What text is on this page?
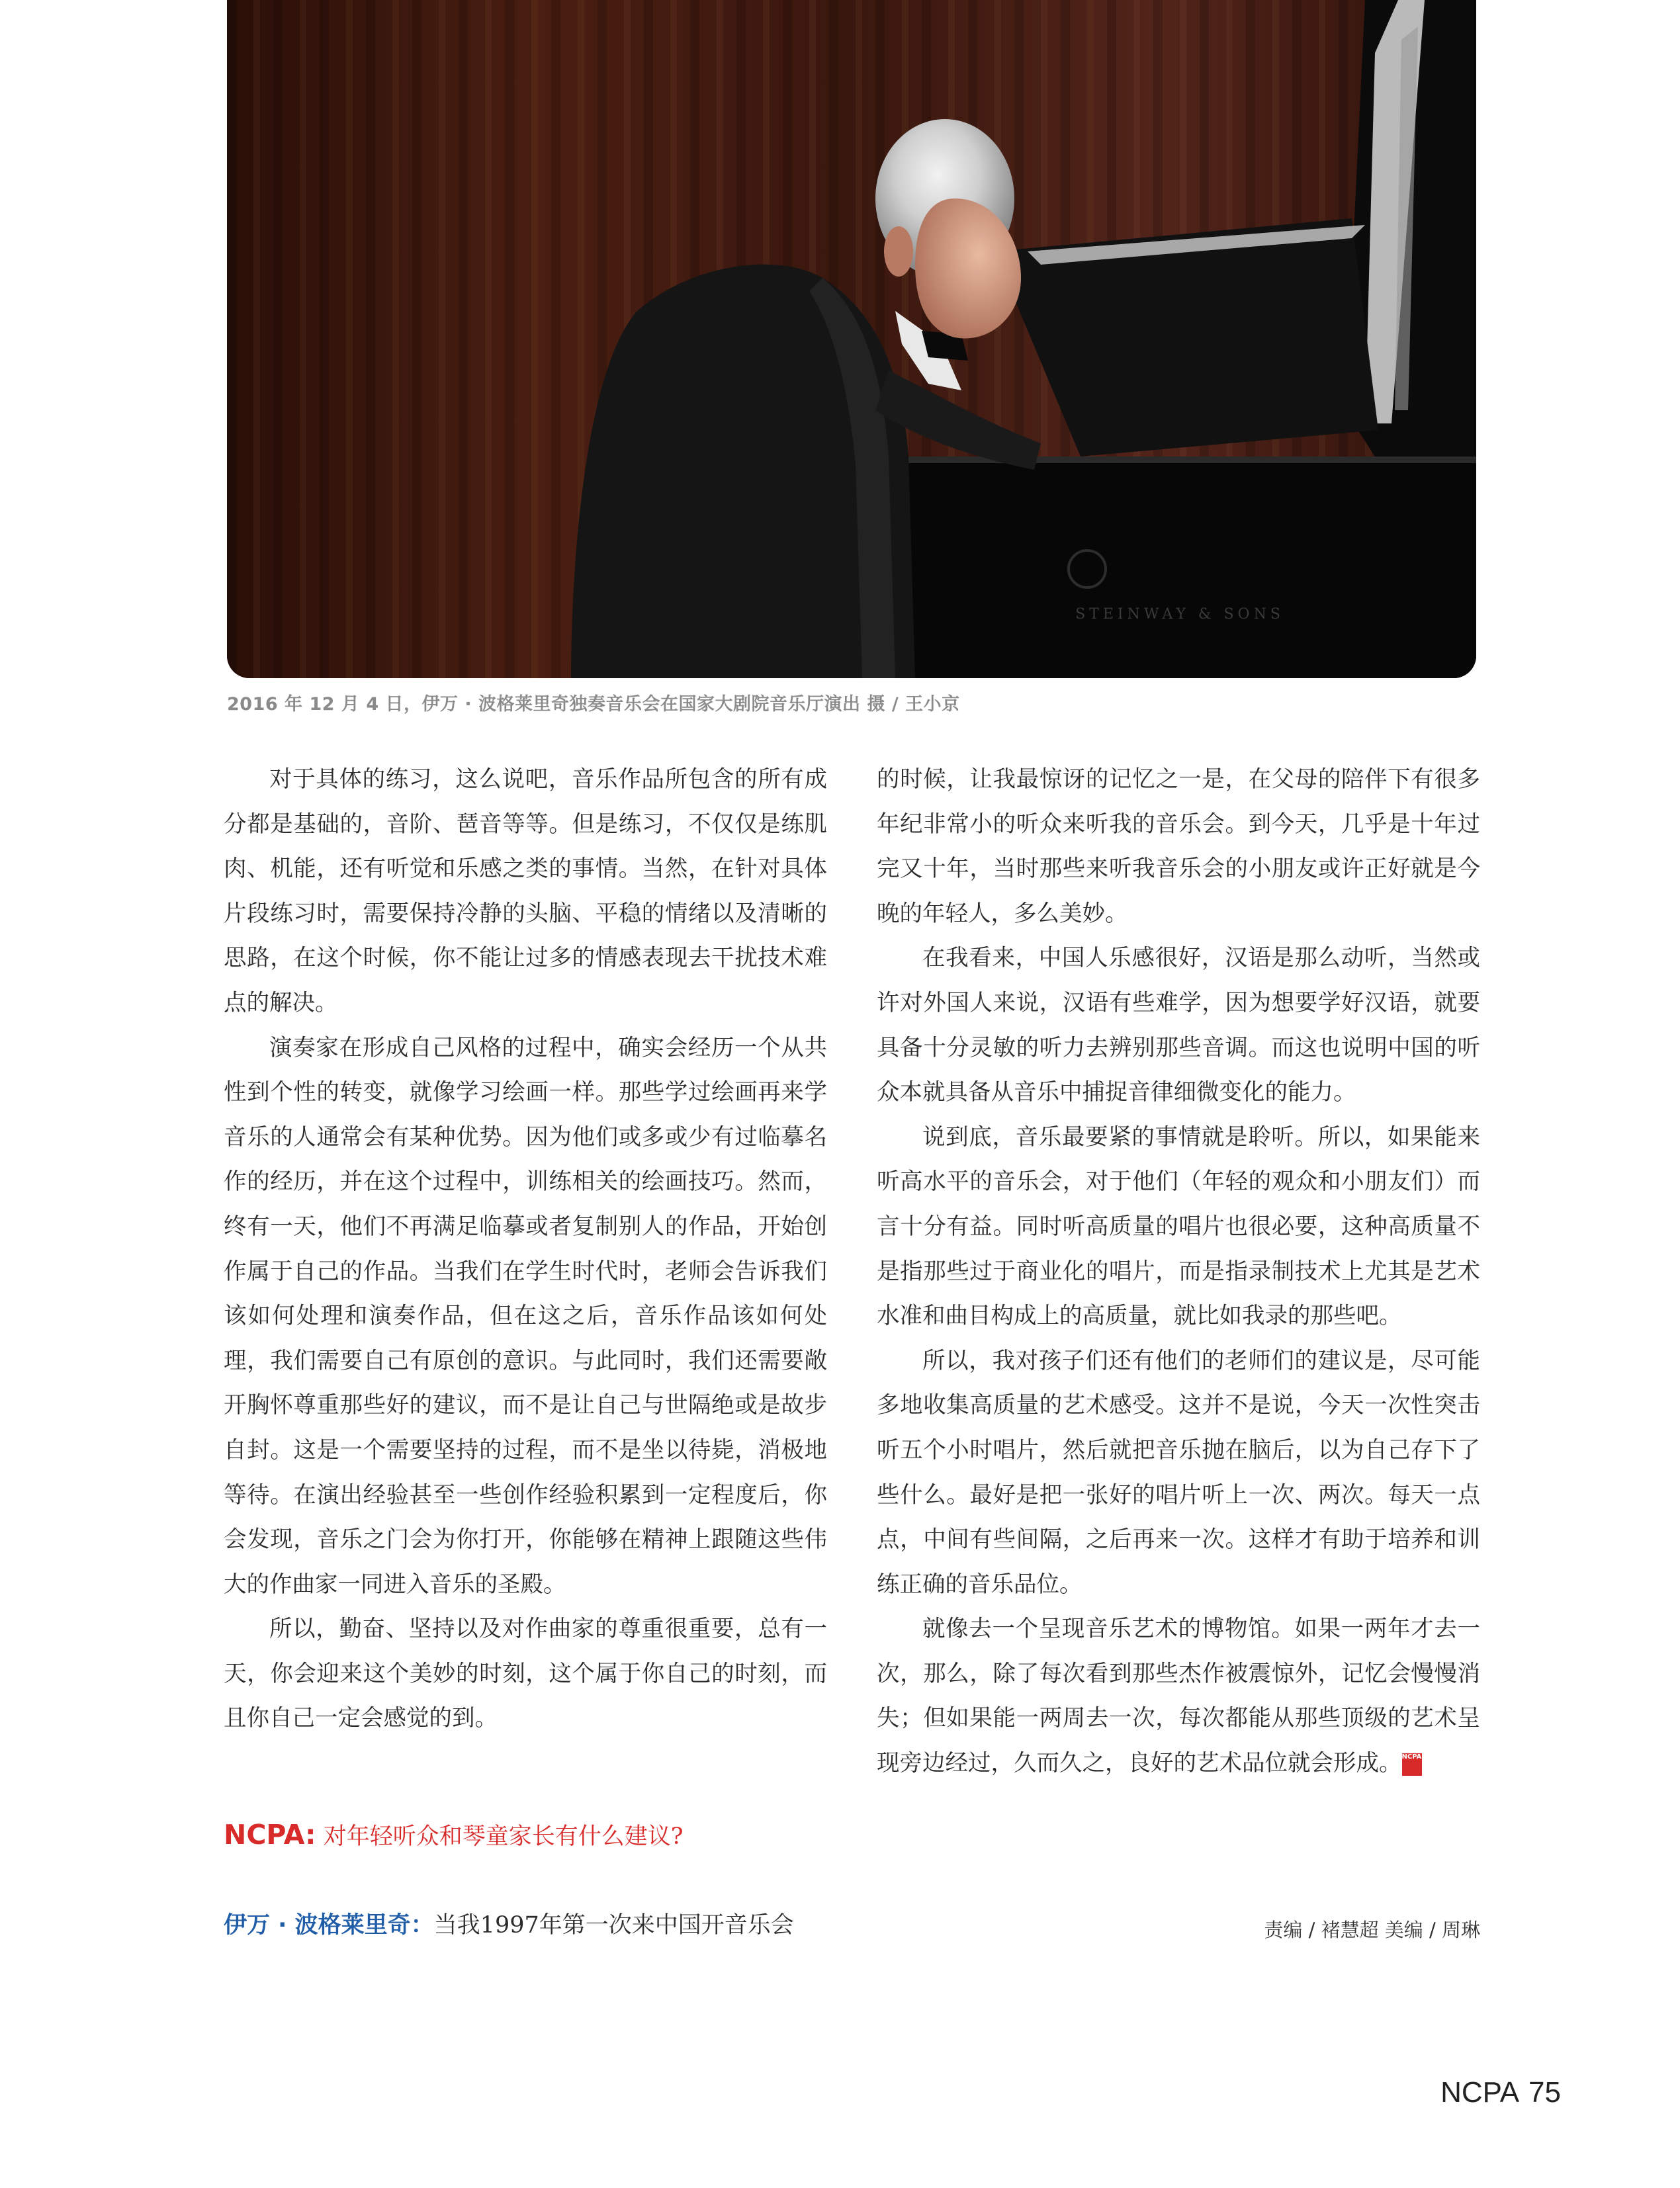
STEINWAY & SONS
2016 年 12 月 4 日，伊万 · 波格莱里奇独奏音乐会在国家大剧院音乐厅演出 摄 / 王小京

对于具体的练习，这么说吧，音乐作品所包含的所有成分都是基础的，音阶、琶音等等。但是练习，不仅仅是练肌肉、机能，还有听觉和乐感之类的事情。当然，在针对具体片段练习时，需要保持冷静的头脑、平稳的情绪以及清晰的思路，在这个时候，你不能让过多的情感表现去干扰技术难点的解决。

演奏家在形成自己风格的过程中，确实会经历一个从共性到个性的转变，就像学习绘画一样。那些学过绘画再来学音乐的人通常会有某种优势。因为他们或多或少有过临摹名作的经历，并在这个过程中，训练相关的绘画技巧。然而，终有一天，他们不再满足临摹或者复制别人的作品，开始创作属于自己的作品。当我们在学生时代时，老师会告诉我们该如何处理和演奏作品，但在这之后，音乐作品该如何处理，我们需要自己有原创的意识。与此同时，我们还需要敞开胸怀尊重那些好的建议，而不是让自己与世隔绝或是故步自封。这是一个需要坚持的过程，而不是坐以待毙，消极地等待。在演出经验甚至一些创作经验积累到一定程度后，你会发现，音乐之门会为你打开，你能够在精神上跟随这些伟大的作曲家一同进入音乐的圣殿。

所以，勤奋、坚持以及对作曲家的尊重很重要，总有一天，你会迎来这个美妙的时刻，这个属于你自己的时刻，而且你自己一定会感觉的到。

NCPA: 对年轻听众和琴童家长有什么建议?

伊万 · 波格莱里奇：当我1997年第一次来中国开音乐会

的时候，让我最惊讶的记忆之一是，在父母的陪伴下有很多年纪非常小的听众来听我的音乐会。到今天，几乎是十年过完又十年，当时那些来听我音乐会的小朋友或许正好就是今晚的年轻人，多么美妙。

在我看来，中国人乐感很好，汉语是那么动听，当然或许对外国人来说，汉语有些难学，因为想要学好汉语，就要具备十分灵敏的听力去辨别那些音调。而这也说明中国的听众本就具备从音乐中捕捉音律细微变化的能力。

说到底，音乐最要紧的事情就是聆听。所以，如果能来听高水平的音乐会，对于他们（年轻的观众和小朋友们）而言十分有益。同时听高质量的唱片也很必要，这种高质量不是指那些过于商业化的唱片，而是指录制技术上尤其是艺术水准和曲目构成上的高质量，就比如我录的那些吧。

所以，我对孩子们还有他们的老师们的建议是，尽可能多地收集高质量的艺术感受。这并不是说，今天一次性突击听五个小时唱片，然后就把音乐抛在脑后，以为自己存下了些什么。最好是把一张好的唱片听上一次、两次。每天一点点，中间有些间隔，之后再来一次。这样才有助于培养和训练正确的音乐品位。

就像去一个呈现音乐艺术的博物馆。如果一两年才去一次，那么，除了每次看到那些杰作被震惊外，记忆会慢慢消失；但如果能一两周去一次，每次都能从那些顶级的艺术呈现旁边经过，久而久之，良好的艺术品位就会形成。NCPA

责编 / 褚慧超 美编 / 周琳
NCPA 75
